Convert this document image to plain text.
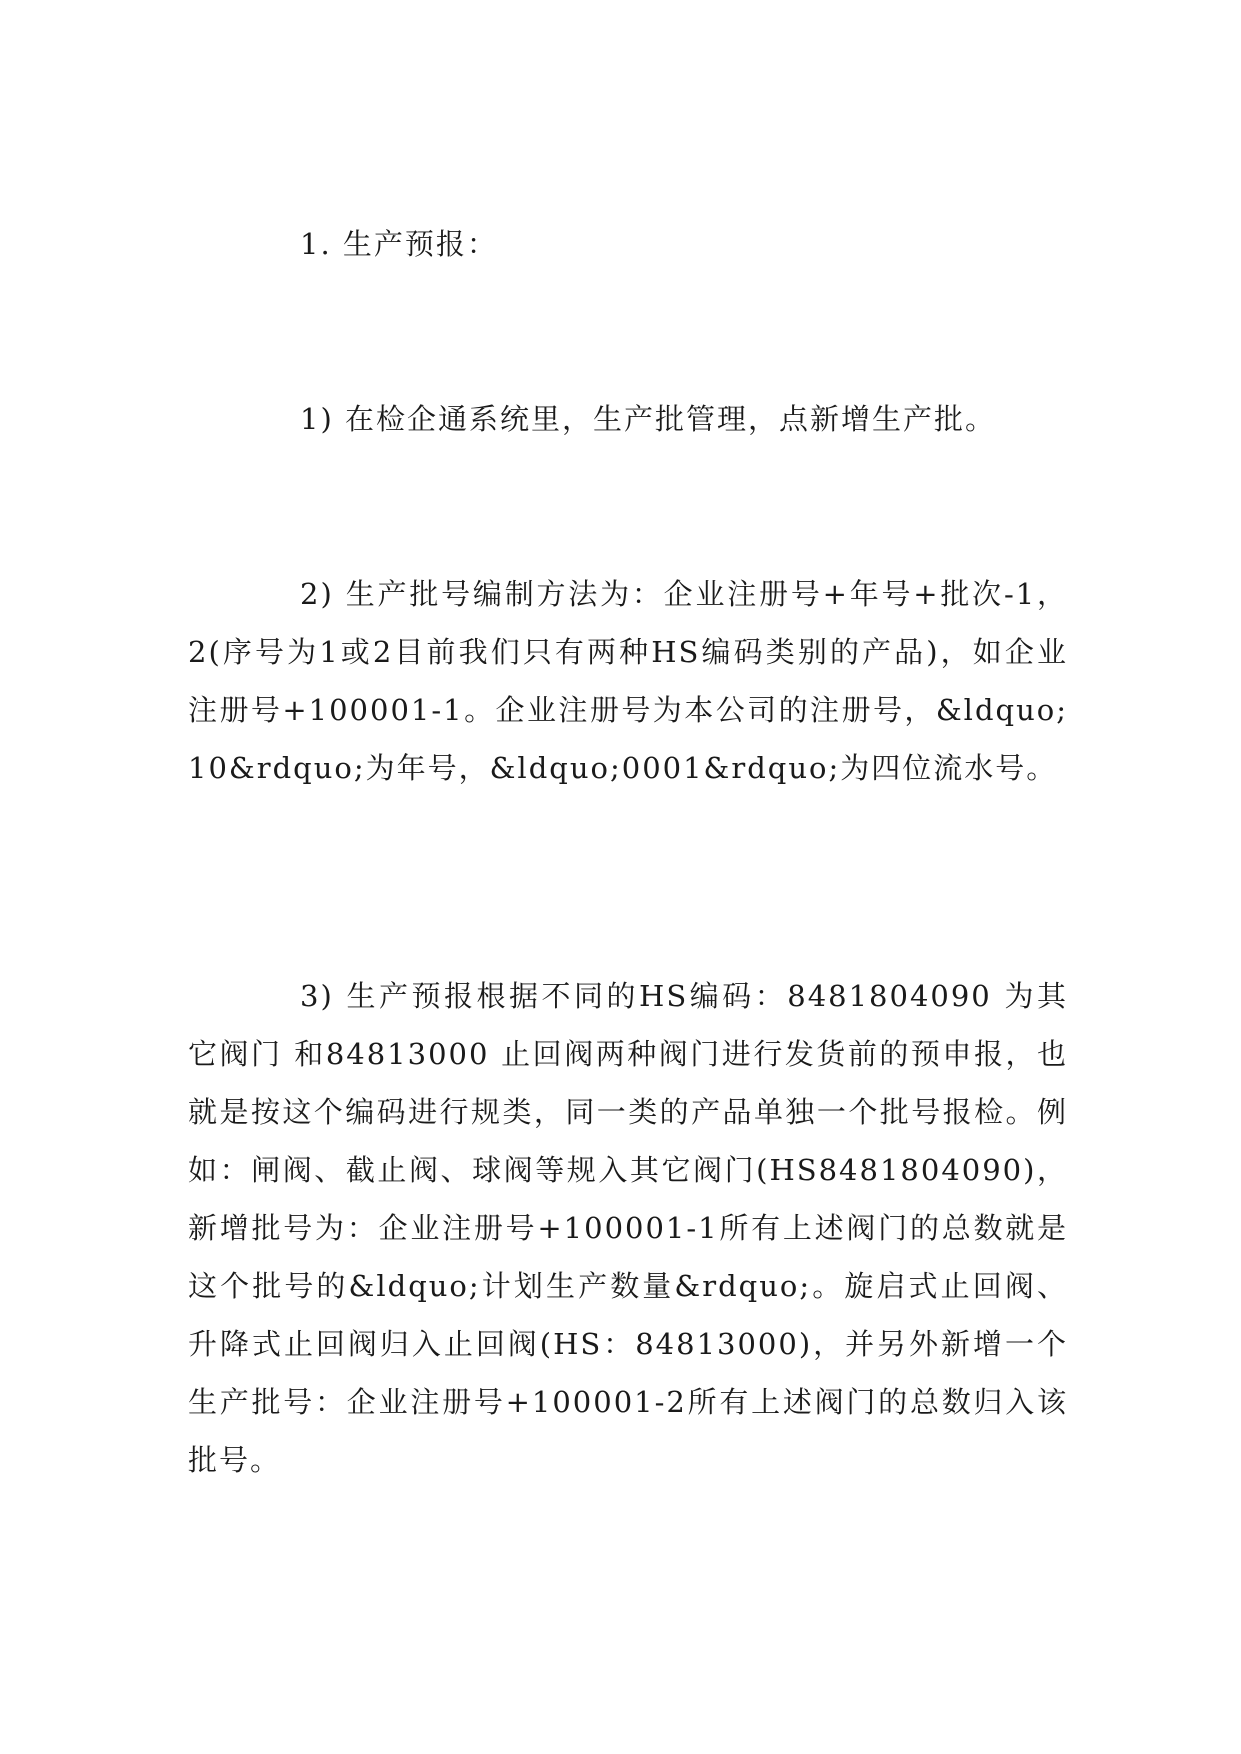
1. 生产预报：

1) 在检企通系统里，生产批管理，点新增生产批。

2) 生产批号编制方法为：企业注册号+年号+批次-1，2(序号为1或2目前我们只有两种HS编码类别的产品)，如企业注册号+100001-1。企业注册号为本公司的注册号，&ldquo;10&rdquo;为年号，&ldquo;0001&rdquo;为四位流水号。

3) 生产预报根据不同的HS编码：8481804090 为其它阀门 和84813000 止回阀两种阀门进行发货前的预申报，也就是按这个编码进行规类，同一类的产品单独一个批号报检。例如：闸阀、截止阀、球阀等规入其它阀门(HS8481804090)，新增批号为：企业注册号+100001-1所有上述阀门的总数就是这个批号的&ldquo;计划生产数量&rdquo;。旋启式止回阀、升降式止回阀归入止回阀(HS：84813000)，并另外新增一个生产批号：企业注册号+100001-2所有上述阀门的总数归入该批号。
